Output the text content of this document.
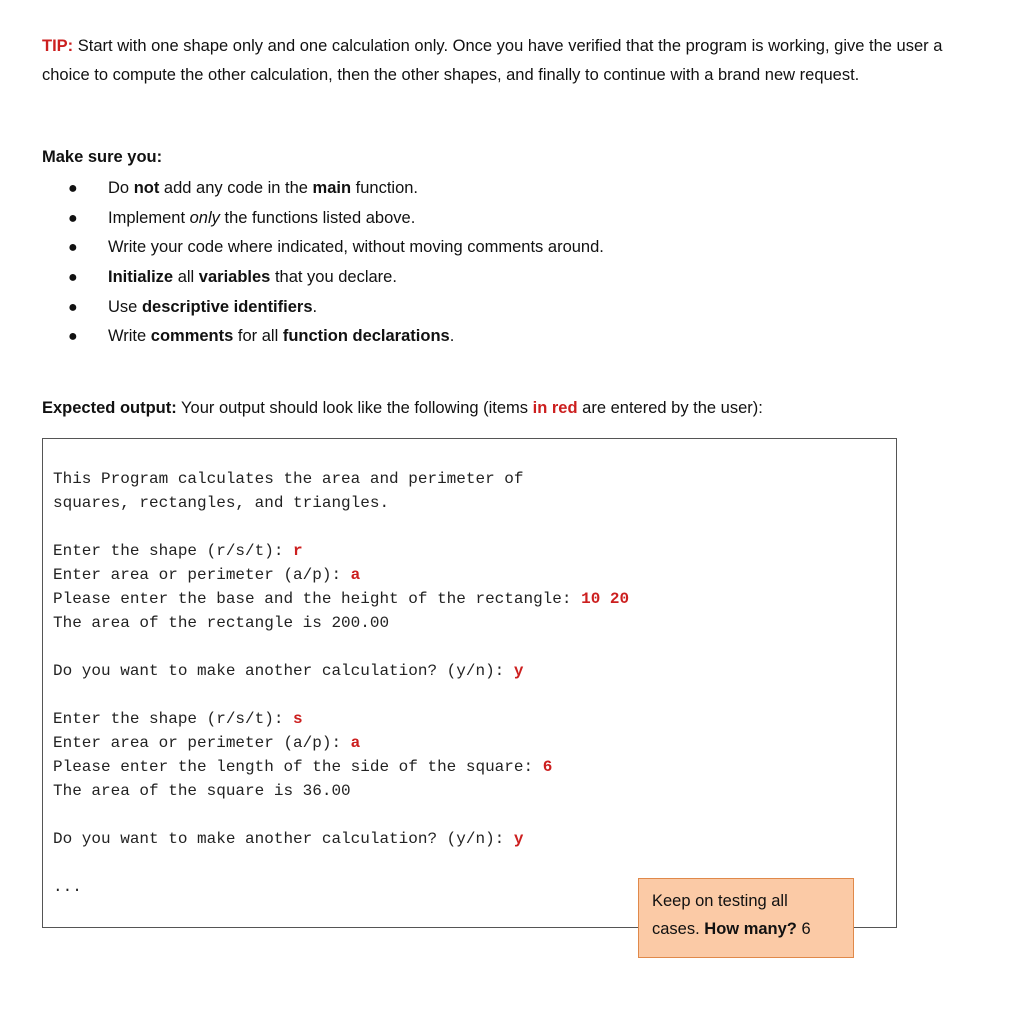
TIP: Start with one shape only and one calculation only. Once you have verified that the program is working, give the user a choice to compute the other calculation, then the other shapes, and finally to continue with a brand new request.

Make sure you:

● Do not add any code in the main function.
● Implement only the functions listed above.
● Write your code where indicated, without moving comments around.
● Initialize all variables that you declare.
● Use descriptive identifiers.
● Write comments for all function declarations.

Expected output: Your output should look like the following (items in red are entered by the user):

This Program calculates the area and perimeter of
squares, rectangles, and triangles.
Enter the shape (r/s/t): r
Enter area or perimeter (a/p): a
Please enter the base and the height of the rectangle: 10 20
The area of the rectangle is 200.00
Do you want to make another calculation? (y/n): y
Enter the shape (r/s/t): s
Enter area or perimeter (a/p): a
Please enter the length of the side of the square: 6
The area of the square is 36.00
Do you want to make another calculation? (y/n): y
...
Keep on testing all cases. How many? 6
